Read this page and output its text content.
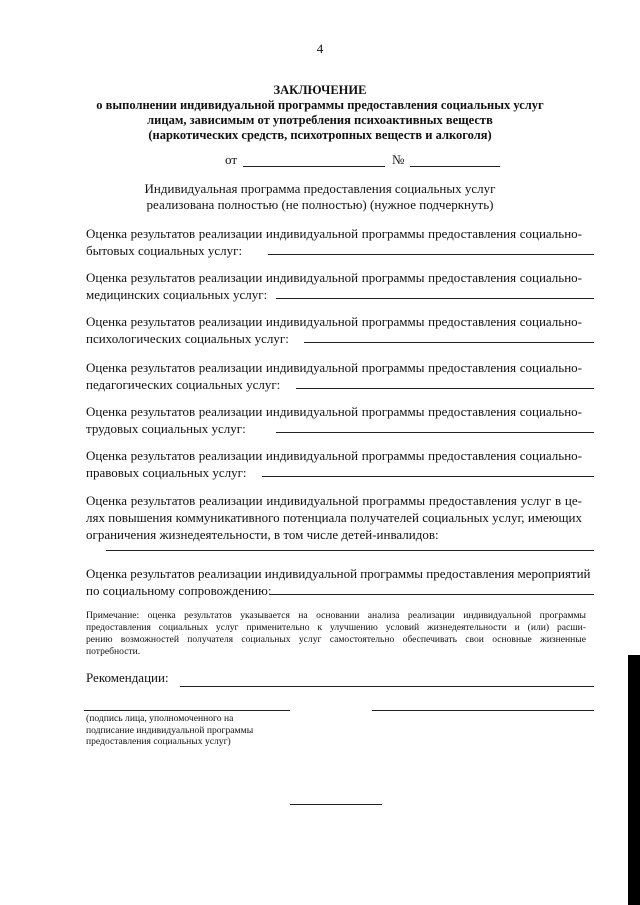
4
ЗАКЛЮЧЕНИЕ
о выполнении индивидуальной программы предоставления социальных услуг
лицам, зависимым от употребления психоактивных веществ
(наркотических средств, психотропных веществ и алкоголя)
от	№
Индивидуальная программа предоставления социальных услуг
реализована полностью (не полностью) (нужное подчеркнуть)
Оценка результатов реализации индивидуальной программы предоставления социально-
бытовых социальных услуг:
Оценка результатов реализации индивидуальной программы предоставления социально-
медицинских социальных услуг:
Оценка результатов реализации индивидуальной программы предоставления социально-
психологических социальных услуг:
Оценка результатов реализации индивидуальной программы предоставления социально-
педагогических социальных услуг:
Оценка результатов реализации индивидуальной программы предоставления социально-
трудовых социальных услуг:
Оценка результатов реализации индивидуальной программы предоставления социально-
правовых социальных услуг:
Оценка результатов реализации индивидуальной программы предоставления услуг в це-
лях повышения коммуникативного потенциала получателей социальных услуг, имеющих
ограничения жизнедеятельности, в том числе детей-инвалидов:
Оценка результатов реализации индивидуальной программы предоставления мероприятий
по социальному сопровождению:
Примечание: оценка результатов указывается на основании анализа реализации индивидуальной программы
предоставления социальных услуг применительно к улучшению условий жизнедеятельности и (или) расши-
рению возможностей получателя социальных услуг самостоятельно обеспечивать свои основные жизненные
потребности.
Рекомендации:
(подпись лица, уполномоченного на
подписание индивидуальной программы
предоставления социальных услуг)
